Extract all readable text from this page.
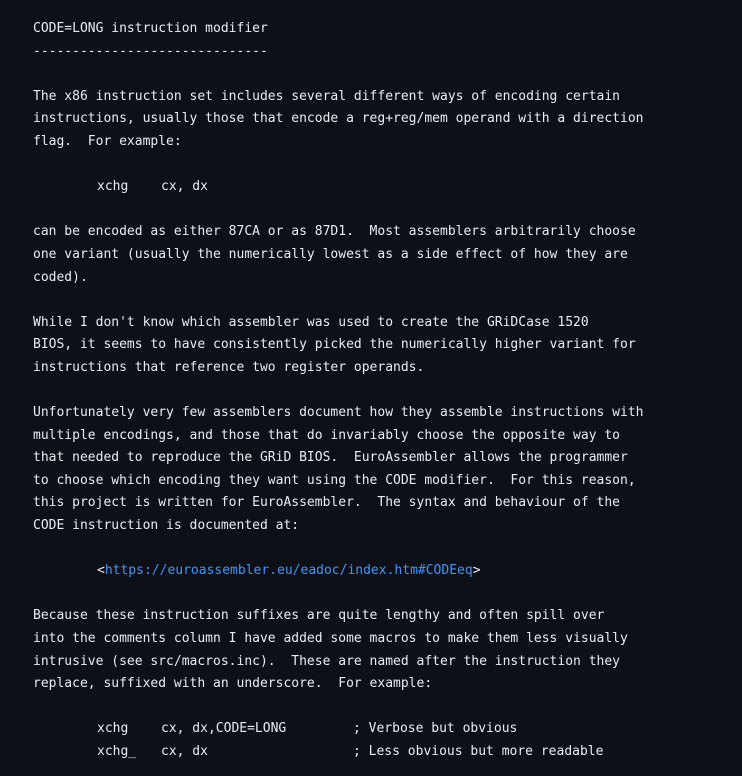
CODE=LONG instruction modifier
------------------------------

The x86 instruction set includes several different ways of encoding certain
instructions, usually those that encode a reg+reg/mem operand with a direction
flag.  For example:

xchg	cx, dx

can be encoded as either 87CA or as 87D1.  Most assemblers arbitrarily choose
one variant (usually the numerically lowest as a side effect of how they are
coded).

While I don't know which assembler was used to create the GRiDCase 1520
BIOS, it seems to have consistently picked the numerically higher variant for
instructions that reference two register operands.

Unfortunately very few assemblers document how they assemble instructions with
multiple encodings, and those that do invariably choose the opposite way to
that needed to reproduce the GRiD BIOS.  EuroAssembler allows the programmer
to choose which encoding they want using the CODE modifier.  For this reason,
this project is written for EuroAssembler.  The syntax and behaviour of the
CODE instruction is documented at:

<https://euroassembler.eu/eadoc/index.htm#CODEeq>

Because these instruction suffixes are quite lengthy and often spill over
into the comments column I have added some macros to make them less visually
intrusive (see src/macros.inc).  These are named after the instruction they
replace, suffixed with an underscore.  For example:

xchg	cx, dx,CODE=LONG	; Verbose but obvious
xchg_	cx, dx	; Less obvious but more readable
